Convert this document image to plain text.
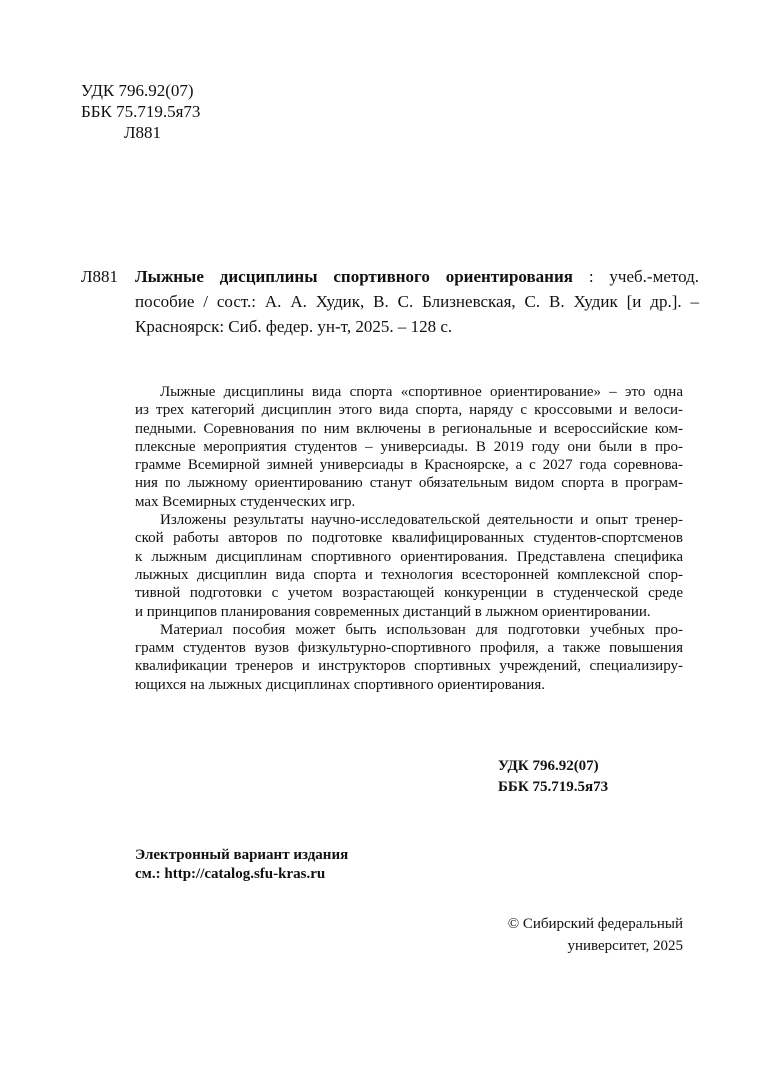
УДК 796.92(07)
ББК 75.719.5я73
Л881
Л881 Лыжные дисциплины спортивного ориентирования : учеб.-метод.
пособие / сост.: А. А. Худик, В. С. Близневская, С. В. Худик [и др.]. –
Красноярск: Сиб. федер. ун-т, 2025. – 128 с.
Лыжные дисциплины вида спорта «спортивное ориентирование» – это одна
из трех категорий дисциплин этого вида спорта, наряду с кроссовыми и велоси-
педными. Соревнования по ним включены в региональные и всероссийские ком-
плексные мероприятия студентов – универсиады. В 2019 году они были в про-
грамме Всемирной зимней универсиады в Красноярске, а с 2027 года соревнова-
ния по лыжному ориентированию станут обязательным видом спорта в програм-
мах Всемирных студенческих игр.
Изложены результаты научно-исследовательской деятельности и опыт тренер-
ской работы авторов по подготовке квалифицированных студентов-спортсменов
к лыжным дисциплинам спортивного ориентирования. Представлена специфика
лыжных дисциплин вида спорта и технология всесторонней комплексной спор-
тивной подготовки с учетом возрастающей конкуренции в студенческой среде
и принципов планирования современных дистанций в лыжном ориентировании.
Материал пособия может быть использован для подготовки учебных про-
грамм студентов вузов физкультурно-спортивного профиля, а также повышения
квалификации тренеров и инструкторов спортивных учреждений, специализиру-
ющихся на лыжных дисциплинах спортивного ориентирования.
УДК 796.92(07)
ББК 75.719.5я73
Электронный вариант издания
см.: http://catalog.sfu-kras.ru
© Сибирский федеральный
университет, 2025
